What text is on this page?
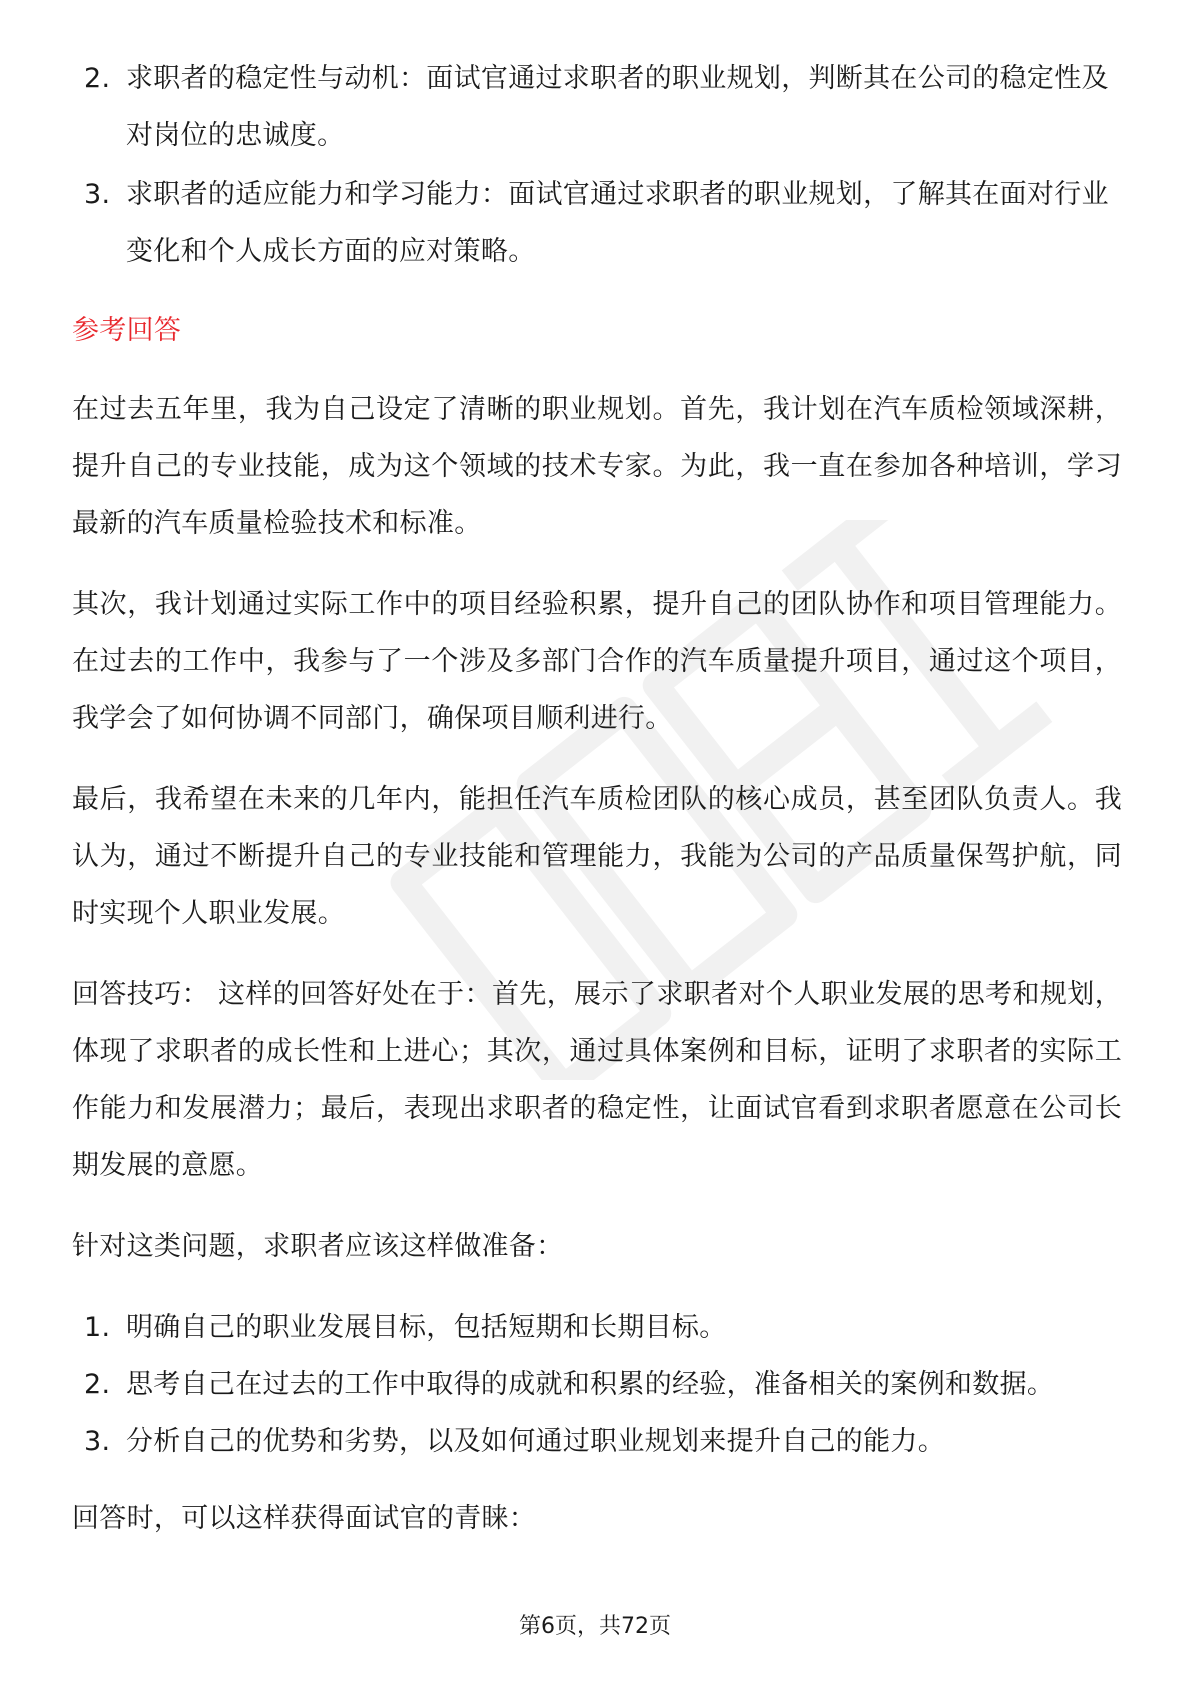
2. 求职者的稳定性与动机：面试官通过求职者的职业规划，判断其在公司的稳定性及对岗位的忠诚度。
3. 求职者的适应能力和学习能力：面试官通过求职者的职业规划，了解其在面对行业变化和个人成长方面的应对策略。
参考回答

在过去五年里，我为自己设定了清晰的职业规划。首先，我计划在汽车质检领域深耕，提升自己的专业技能，成为这个领域的技术专家。为此，我一直在参加各种培训，学习最新的汽车质量检验技术和标准。

其次，我计划通过实际工作中的项目经验积累，提升自己的团队协作和项目管理能力。在过去的工作中，我参与了一个涉及多部门合作的汽车质量提升项目，通过这个项目，我学会了如何协调不同部门，确保项目顺利进行。

最后，我希望在未来的几年内，能担任汽车质检团队的核心成员，甚至团队负责人。我认为，通过不断提升自己的专业技能和管理能力，我能为公司的产品质量保驾护航，同时实现个人职业发展。

回答技巧： 这样的回答好处在于：首先，展示了求职者对个人职业发展的思考和规划，体现了求职者的成长性和上进心；其次，通过具体案例和目标，证明了求职者的实际工作能力和发展潜力；最后，表现出求职者的稳定性，让面试官看到求职者愿意在公司长期发展的意愿。

针对这类问题，求职者应该这样做准备：

1. 明确自己的职业发展目标，包括短期和长期目标。
2. 思考自己在过去的工作中取得的成就和积累的经验，准备相关的案例和数据。
3. 分析自己的优势和劣势，以及如何通过职业规划来提升自己的能力。

回答时，可以这样获得面试官的青睐：

第6页，共72页
